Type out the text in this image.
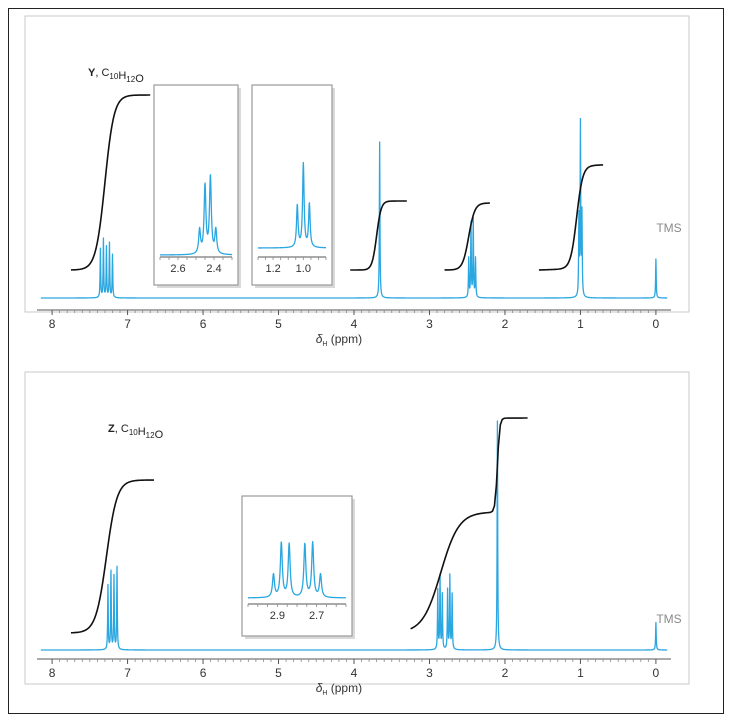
Y, $C_{10}H_{12}O$
TMS
8	7	6	5	4	3	2	1	0
$\delta_H$ (ppm)
2.6 2.4	1.2 1.0
Z, $C_{10}H_{12}O$
TMS
8	7	6	5	4	3	2	1	0
$\delta_H$ (ppm)
2.9 2.7
